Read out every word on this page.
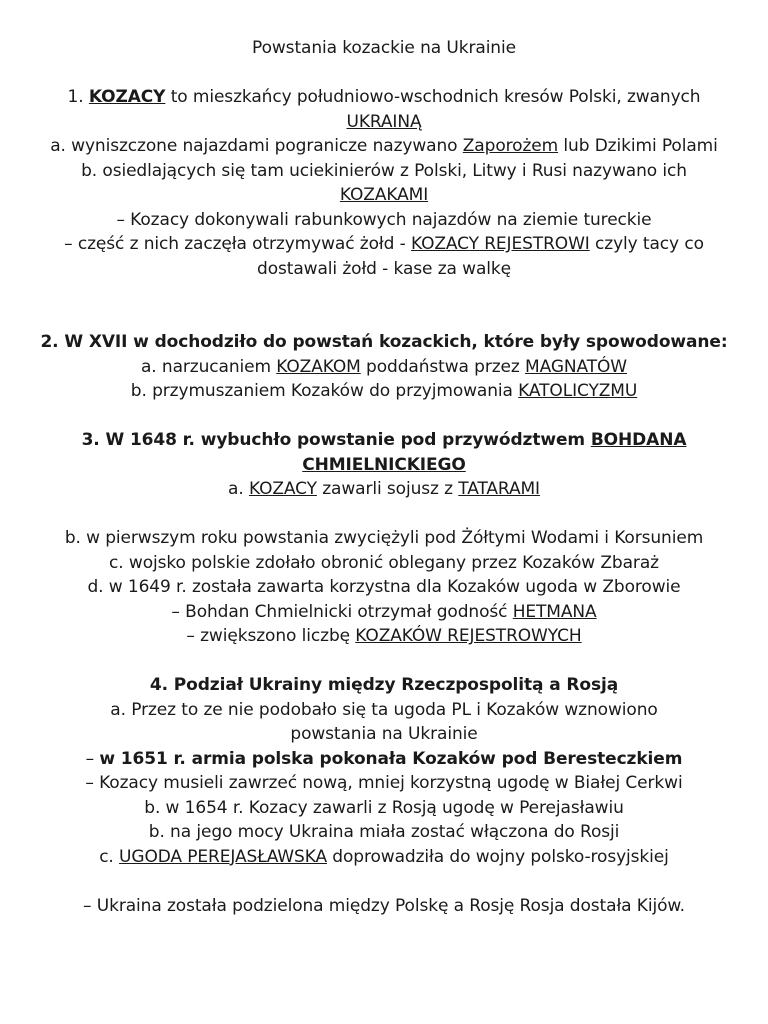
Powstania kozackie na Ukrainie
1. KOZACY to mieszkańcy południowo-wschodnich kresów Polski, zwanych
UKRAINĄ
a. wyniszczone najazdami pogranicze nazywano Zaporożem lub Dzikimi Polami
b. osiedlających się tam uciekinierów z Polski, Litwy i Rusi nazywano ich
KOZAKAMI
– Kozacy dokonywali rabunkowych najazdów na ziemie tureckie
– część z nich zaczęła otrzymywać żołd - KOZACY REJESTROWI czyly tacy co
dostawali żołd - kase za walkę
2. W XVII w dochodziło do powstań kozackich, które były spowodowane:
a. narzucaniem KOZAKOM poddaństwa przez MAGNATÓW
b. przymuszaniem Kozaków do przyjmowania KATOLICYZMU
3. W 1648 r. wybuchło powstanie pod przywództwem BOHDANA
CHMIELNICKIEGO
a. KOZACY zawarli sojusz z TATARAMI
b. w pierwszym roku powstania zwyciężyli pod Żółtymi Wodami i Korsuniem
c. wojsko polskie zdołało obronić oblegany przez Kozaków Zbaraż
d. w 1649 r. została zawarta korzystna dla Kozaków ugoda w Zborowie
– Bohdan Chmielnicki otrzymał godność HETMANA
– zwiększono liczbę KOZAKÓW REJESTROWYCH
4. Podział Ukrainy między Rzeczpospolitą a Rosją
a. Przez to ze nie podobało się ta ugoda PL i Kozaków wznowiono
powstania na Ukrainie
– w 1651 r. armia polska pokonała Kozaków pod Beresteczkiem
– Kozacy musieli zawrzeć nową, mniej korzystną ugodę w Białej Cerkwi
b. w 1654 r. Kozacy zawarli z Rosją ugodę w Perejasławiu
b. na jego mocy Ukraina miała zostać włączona do Rosji
c. UGODA PEREJASŁAWSKA doprowadziła do wojny polsko-rosyjskiej
– Ukraina została podzielona między Polskę a Rosję Rosja dostała Kijów.
